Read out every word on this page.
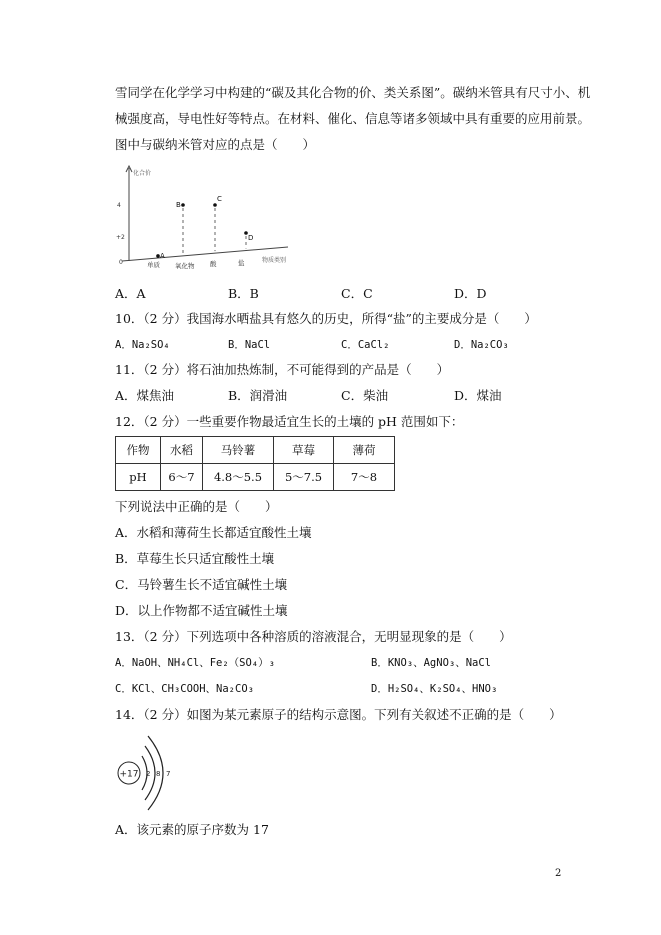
雪同学在化学学习中构建的“碳及其化合物的价、类关系图”。碳纳米管具有尺寸小、机
械强度高，导电性好等特点。在材料、催化、信息等诸多领域中具有重要的应用前景。
图中与碳纳米管对应的点是（　　）
化合价
物质类别
4
+2
0	单质 氧化物 酸	盐
A
B
C
D
A．A	B．B	C．C	D．D
10．（2 分）我国海水晒盐具有悠久的历史，所得“盐”的主要成分是（　　）
A．Na₂SO₄	B．NaCl	C．CaCl₂	D．Na₂CO₃
11．（2 分）将石油加热炼制，不可能得到的产品是（　　）
A．煤焦油	B．润滑油	C．柴油	D．煤油
12．（2 分）一些重要作物最适宜生长的土壤的 pH 范围如下：
作物	水稻	马铃薯	草莓	薄荷
pH	6～7	4.8～5.5	5～7.5	7～8
下列说法中正确的是（　　）
A．水稻和薄荷生长都适宜酸性土壤
B．草莓生长只适宜酸性土壤
C．马铃薯生长不适宜碱性土壤
D．以上作物都不适宜碱性土壤
13．（2 分）下列选项中各种溶质的溶液混合，无明显现象的是（　　）
A．NaOH、NH₄Cl、Fe₂（SO₄）₃	B．KNO₃、AgNO₃、NaCl
C．KCl、CH₃COOH、Na₂CO₃	D．H₂SO₄、K₂SO₄、HNO₃
14．（2 分）如图为某元素原子的结构示意图。下列有关叙述不正确的是（　　）
+17 2 8 7
A．该元素的原子序数为 17
2
